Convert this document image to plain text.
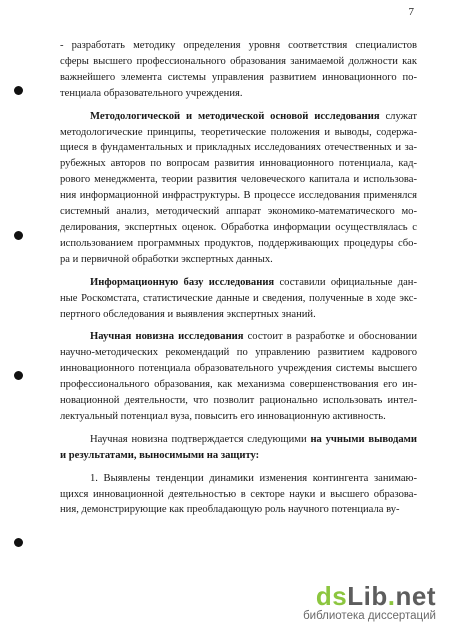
7
- разработать методику определения уровня соответствия специалистов
сферы высшего профессионального образования занимаемой должности как
важнейшего элемента системы управления развитием инновационного по-
тенциала образовательного учреждения.
Методологической и методической основой исследования служат
методологические принципы, теоретические положения и выводы, содержа-
щиеся в фундаментальных и прикладных исследованиях отечественных и за-
рубежных авторов по вопросам развития инновационного потенциала, кад-
рового менеджмента, теории развития человеческого капитала и использова-
ния информационной инфраструктуры. В процессе исследования применялся
системный анализ, методический аппарат экономико-математического мо-
делирования, экспертных оценок. Обработка информации осуществлялась с
использованием программных продуктов, поддерживающих процедуры сбо-
ра и первичной обработки экспертных данных.
Информационную базу исследования составили официальные дан-
ные Роскомстата, статистические данные и сведения, полученные в ходе экс-
пертного обследования и выявления экспертных знаний.
Научная новизна исследования состоит в разработке и обосновании
научно-методических рекомендаций по управлению развитием кадрового
инновационного потенциала образовательного учреждения системы высшего
профессионального образования, как механизма совершенствования его ин-
новационной деятельности, что позволит рационально использовать интел-
лектуальный потенциал вуза, повысить его инновационную активность.
Научная новизна подтверждается следующими на учными выводами
и результатами, выносимыми на защиту:
1. Выявлены тенденции динамики изменения контингента занимаю-
щихся инновационной деятельностью в секторе науки и высшего образова-
ния, демонстрирующие как преобладающую роль научного потенциала ву-
dsLib.net
библиотека диссертаций
